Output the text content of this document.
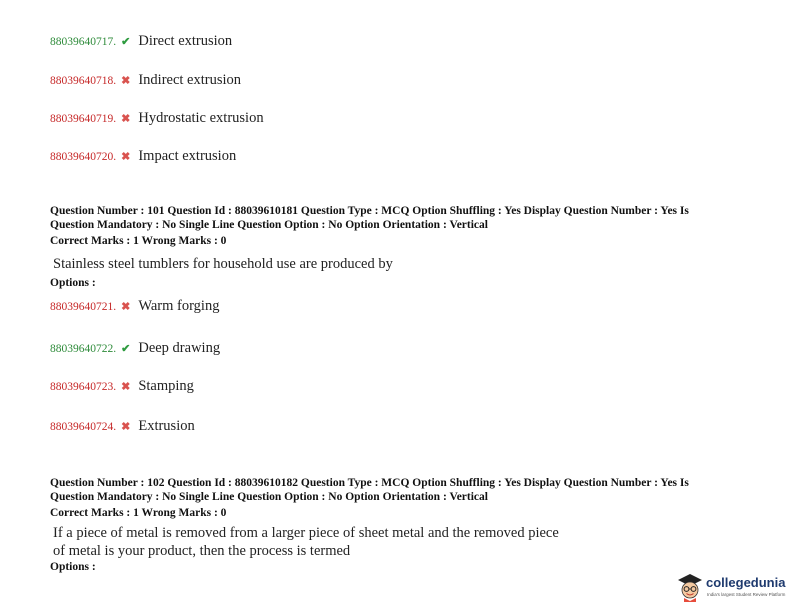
88039640717. ✔ Direct extrusion
88039640718. ✖ Indirect extrusion
88039640719. ✖ Hydrostatic extrusion
88039640720. ✖ Impact extrusion
Question Number : 101 Question Id : 88039610181 Question Type : MCQ Option Shuffling : Yes Display Question Number : Yes Is
Question Mandatory : No Single Line Question Option : No Option Orientation : Vertical
Correct Marks : 1 Wrong Marks : 0
Stainless steel tumblers for household use are produced by
Options :
88039640721. ✖ Warm forging
88039640722. ✔ Deep drawing
88039640723. ✖ Stamping
88039640724. ✖ Extrusion
Question Number : 102 Question Id : 88039610182 Question Type : MCQ Option Shuffling : Yes Display Question Number : Yes Is
Question Mandatory : No Single Line Question Option : No Option Orientation : Vertical
Correct Marks : 1 Wrong Marks : 0
If a piece of metal is removed from a larger piece of sheet metal and the removed piece
of metal is your product, then the process is termed
Options :
collegedunia
India's largest Student Review Platform
